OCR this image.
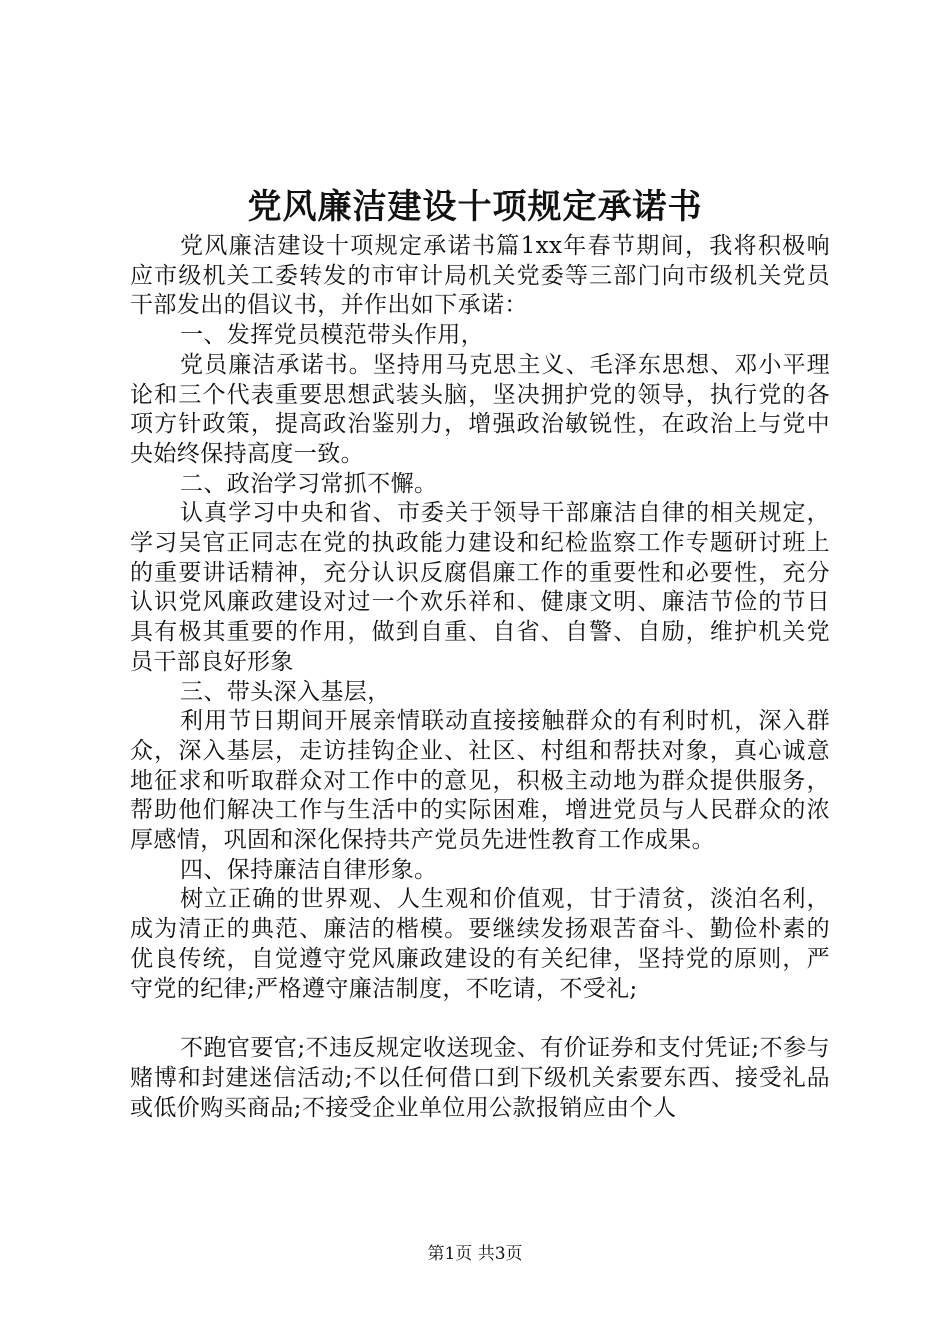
党风廉洁建设十项规定承诺书

党风廉洁建设十项规定承诺书篇1xx年春节期间，我将积极响应市级机关工委转发的市审计局机关党委等三部门向市级机关党员干部发出的倡议书，并作出如下承诺：

一、发挥党员模范带头作用，

党员廉洁承诺书。坚持用马克思主义、毛泽东思想、邓小平理论和三个代表重要思想武装头脑，坚决拥护党的领导，执行党的各项方针政策，提高政治鉴别力，增强政治敏锐性，在政治上与党中央始终保持高度一致。

二、政治学习常抓不懈。

认真学习中央和省、市委关于领导干部廉洁自律的相关规定，学习吴官正同志在党的执政能力建设和纪检监察工作专题研讨班上的重要讲话精神，充分认识反腐倡廉工作的重要性和必要性，充分认识党风廉政建设对过一个欢乐祥和、健康文明、廉洁节俭的节日具有极其重要的作用，做到自重、自省、自警、自励，维护机关党员干部良好形象

三、带头深入基层，

利用节日期间开展亲情联动直接接触群众的有利时机，深入群众，深入基层，走访挂钩企业、社区、村组和帮扶对象，真心诚意地征求和听取群众对工作中的意见，积极主动地为群众提供服务，帮助他们解决工作与生活中的实际困难，增进党员与人民群众的浓厚感情，巩固和深化保持共产党员先进性教育工作成果。

四、保持廉洁自律形象。

树立正确的世界观、人生观和价值观，甘于清贫，淡泊名利，成为清正的典范、廉洁的楷模。要继续发扬艰苦奋斗、勤俭朴素的优良传统，自觉遵守党风廉政建设的有关纪律，坚持党的原则，严守党的纪律;严格遵守廉洁制度，不吃请，不受礼;

不跑官要官;不违反规定收送现金、有价证券和支付凭证;不参与赌博和封建迷信活动;不以任何借口到下级机关索要东西、接受礼品或低价购买商品;不接受企业单位用公款报销应由个人

第1页 共3页
